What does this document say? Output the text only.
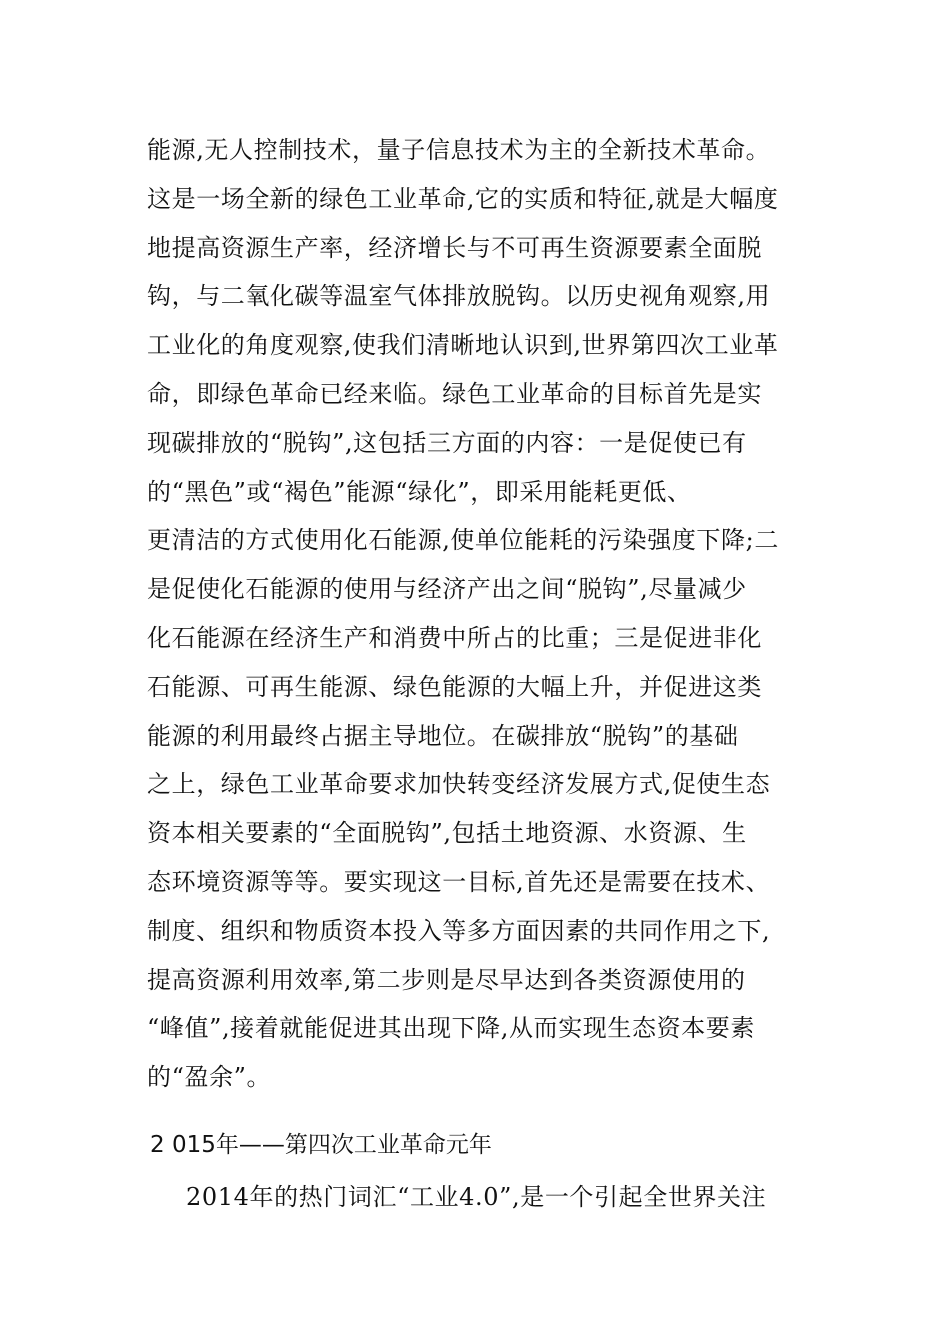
能源,无人控制技术，量子信息技术为主的全新技术革命。
这是一场全新的绿色工业革命,它的实质和特征,就是大幅度
地提高资源生产率，经济增长与不可再生资源要素全面脱
钩，与二氧化碳等温室气体排放脱钩。以历史视角观察,用
工业化的角度观察,使我们清晰地认识到,世界第四次工业革
命，即绿色革命已经来临。绿色工业革命的目标首先是实
现碳排放的“脱钩”,这包括三方面的内容：一是促使已有
的“黑色”或“褐色”能源“绿化”，即采用能耗更低、
更清洁的方式使用化石能源,使单位能耗的污染强度下降;二
是促使化石能源的使用与经济产出之间“脱钩”,尽量减少
化石能源在经济生产和消费中所占的比重；三是促进非化
石能源、可再生能源、绿色能源的大幅上升，并促进这类
能源的利用最终占据主导地位。在碳排放“脱钩”的基础
之上，绿色工业革命要求加快转变经济发展方式,促使生态
资本相关要素的“全面脱钩”,包括土地资源、水资源、生
态环境资源等等。要实现这一目标,首先还是需要在技术、
制度、组织和物质资本投入等多方面因素的共同作用之下,
提高资源利用效率,第二步则是尽早达到各类资源使用的
“峰值”,接着就能促进其出现下降,从而实现生态资本要素
的“盈余”。
2 015年——第四次工业革命元年

2014年的热门词汇“工业4.0”,是一个引起全世界关注
